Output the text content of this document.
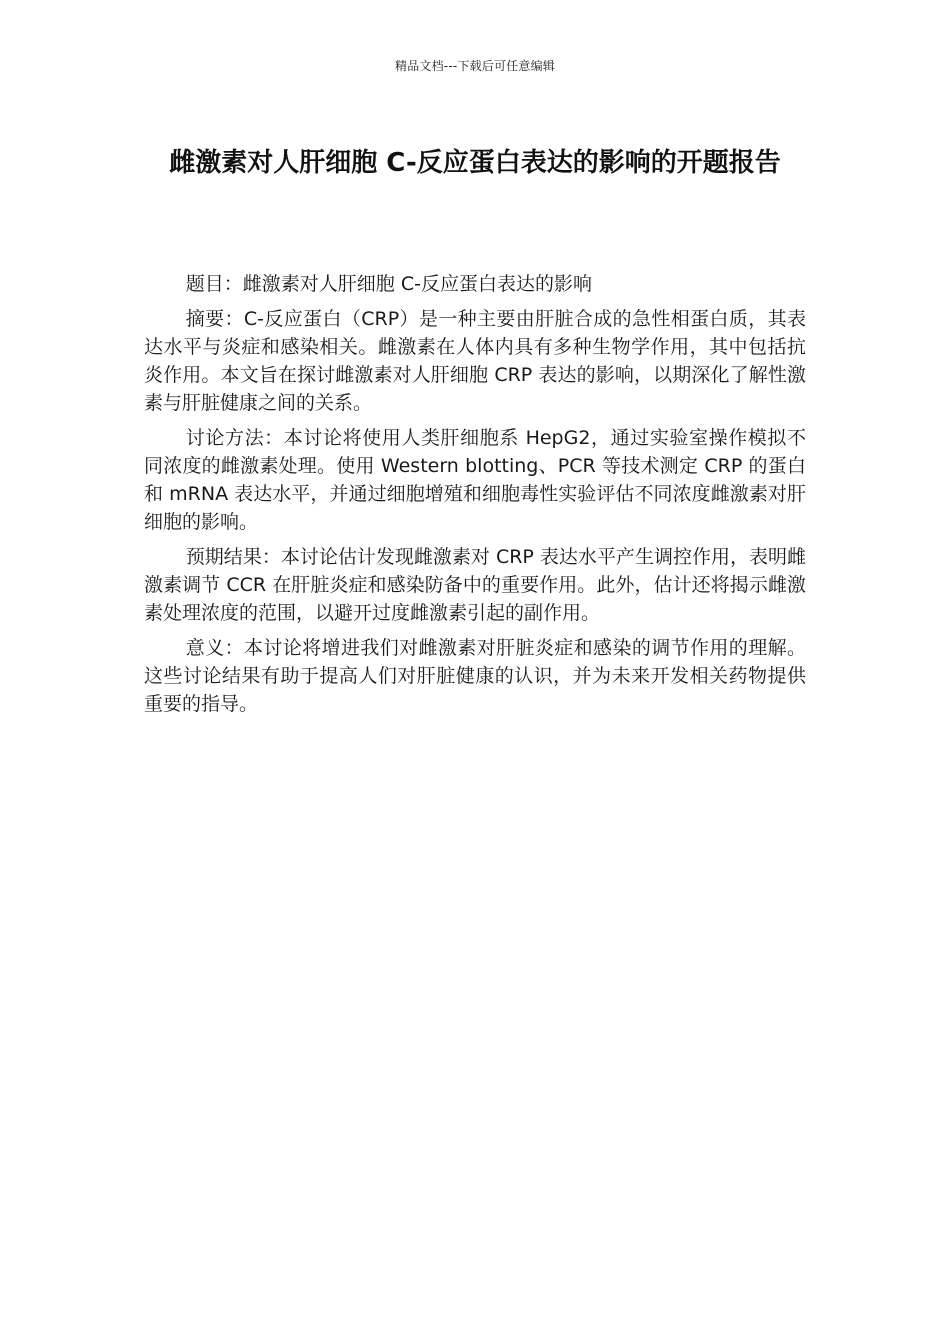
精品文档---下载后可任意编辑
雌激素对人肝细胞 C-反应蛋白表达的影响的开题报告

题目：雌激素对人肝细胞 C-反应蛋白表达的影响

摘要：C-反应蛋白（CRP）是一种主要由肝脏合成的急性相蛋白质，其表达水平与炎症和感染相关。雌激素在人体内具有多种生物学作用，其中包括抗炎作用。本文旨在探讨雌激素对人肝细胞 CRP 表达的影响，以期深化了解性激素与肝脏健康之间的关系。

讨论方法：本讨论将使用人类肝细胞系 HepG2，通过实验室操作模拟不同浓度的雌激素处理。使用 Western blotting、PCR 等技术测定 CRP 的蛋白和 mRNA 表达水平，并通过细胞增殖和细胞毒性实验评估不同浓度雌激素对肝细胞的影响。

预期结果：本讨论估计发现雌激素对 CRP 表达水平产生调控作用，表明雌激素调节 CCR 在肝脏炎症和感染防备中的重要作用。此外，估计还将揭示雌激素处理浓度的范围，以避开过度雌激素引起的副作用。

意义：本讨论将增进我们对雌激素对肝脏炎症和感染的调节作用的理解。这些讨论结果有助于提高人们对肝脏健康的认识，并为未来开发相关药物提供重要的指导。
